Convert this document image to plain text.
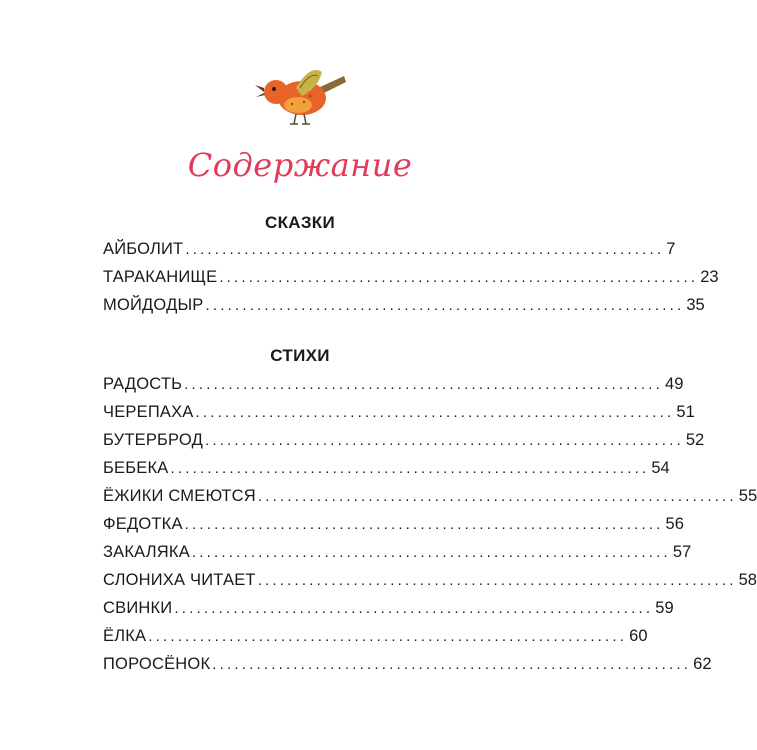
Содержание
СКАЗКИ
АЙБОЛИТ ................................................................. 7
ТАРАКАНИЩЕ ................................................................. 23
МОЙДОДЫР ................................................................. 35
СТИХИ
РАДОСТЬ ................................................................. 49
ЧЕРЕПАХА ................................................................. 51
БУТЕРБРОД ................................................................. 52
БЕБЕКА ................................................................. 54
ЁЖИКИ СМЕЮТСЯ ................................................................. 55
ФЕДОТКА ................................................................. 56
ЗАКАЛЯКА ................................................................. 57
СЛОНИХА ЧИТАЕТ ................................................................. 58
СВИНКИ ................................................................. 59
ЁЛКА ................................................................. 60
ПОРОСЁНОК ................................................................. 62
